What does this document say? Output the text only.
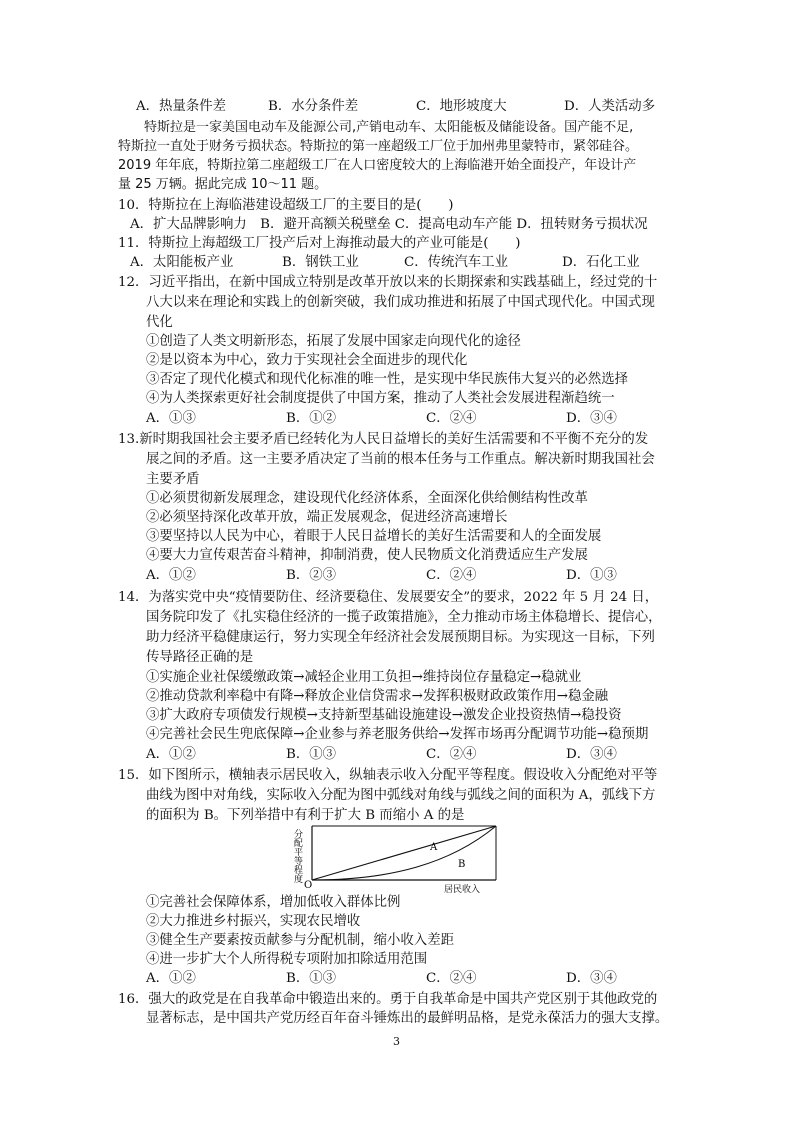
A．热量条件差	B．水分条件差	C．地形坡度大	D．人类活动多
特斯拉是一家美国电动车及能源公司,产销电动车、太阳能板及储能设备。国产能不足,
特斯拉一直处于财务亏损状态。特斯拉的第一座超级工厂位于加州弗里蒙特市，紧邻硅谷。
2019 年年底，特斯拉第二座超级工厂在人口密度较大的上海临港开始全面投产，年设计产
量 25 万辆。据此完成 10～11 题。
10．特斯拉在上海临港建设超级工厂的主要目的是(　　)
A．扩大品牌影响力　B．避开高额关税壁垒 C．提高电动车产能 D．扭转财务亏损状况
11．特斯拉上海超级工厂投产后对上海推动最大的产业可能是(　　)
A．太阳能板产业	B．钢铁工业	C．传统汽车工业	D．石化工业
12．习近平指出，在新中国成立特别是改革开放以来的长期探索和实践基础上，经过党的十
八大以来在理论和实践上的创新突破，我们成功推进和拓展了中国式现代化。中国式现
代化
①创造了人类文明新形态，拓展了发展中国家走向现代化的途径
②是以资本为中心，致力于实现社会全面进步的现代化
③否定了现代化模式和现代化标准的唯一性，是实现中华民族伟大复兴的必然选择
④为人类探索更好社会制度提供了中国方案，推动了人类社会发展进程渐趋统一
A．①③	B．①②	C．②④	D．③④
13.新时期我国社会主要矛盾已经转化为人民日益增长的美好生活需要和不平衡不充分的发
展之间的矛盾。这一主要矛盾决定了当前的根本任务与工作重点。解决新时期我国社会
主要矛盾
①必须贯彻新发展理念，建设现代化经济体系，全面深化供给侧结构性改革
②必须坚持深化改革开放，端正发展观念，促进经济高速增长
③要坚持以人民为中心，着眼于人民日益增长的美好生活需要和人的全面发展
④要大力宣传艰苦奋斗精神，抑制消费，使人民物质文化消费适应生产发展
A．①②	B．②③	C．②④	D．①③
14．为落实党中央“疫情要防住、经济要稳住、发展要安全”的要求，2022 年 5 月 24 日，
国务院印发了《扎实稳住经济的一揽子政策措施》，全力推动市场主体稳增长、提信心，
助力经济平稳健康运行，努力实现全年经济社会发展预期目标。为实现这一目标，下列
传导路径正确的是
①实施企业社保缓缴政策→减轻企业用工负担→维持岗位存量稳定→稳就业
②推动贷款利率稳中有降→释放企业信贷需求→发挥积极财政政策作用→稳金融
③扩大政府专项债发行规模→支持新型基础设施建设→激发企业投资热情→稳投资
④完善社会民生兜底保障→企业参与养老服务供给→发挥市场再分配调节功能→稳预期
A．①②	B．①③	C．②④	D．③④
15．如下图所示，横轴表示居民收入，纵轴表示收入分配平等程度。假设收入分配绝对平等
曲线为图中对角线，实际收入分配为图中弧线对角线与弧线之间的面积为 A，弧线下方
的面积为 B。下列举措中有利于扩大 B 而缩小 A 的是
分
配
平
等
程
度 O
A
B
居民收入
①完善社会保障体系，增加低收入群体比例
②大力推进乡村振兴，实现农民增收
③健全生产要素按贡献参与分配机制，缩小收入差距
④进一步扩大个人所得税专项附加扣除适用范围
A．①②	B．①③	C．②④	D．③④
16．强大的政党是在自我革命中锻造出来的。勇于自我革命是中国共产党区别于其他政党的
显著标志，是中国共产党历经百年奋斗锤炼出的最鲜明品格，是党永葆活力的强大支撑。
3
